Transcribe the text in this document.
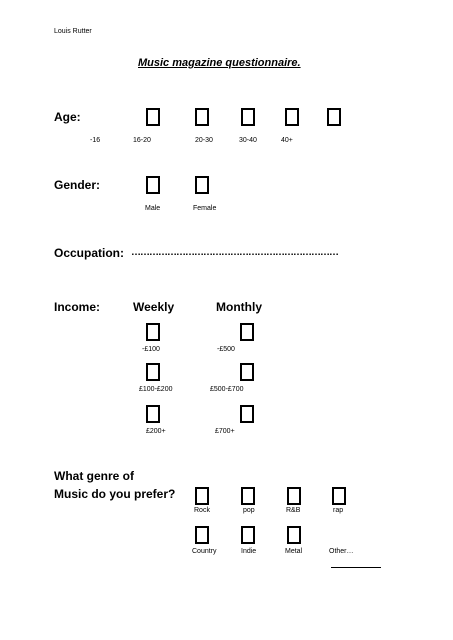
Louis Rutter
Music magazine questionnaire.
Age:
-16	16-20	20-30	30-40	40+
Gender:
Male	Female
Occupation: ……………………………………………………………
Income:	Weekly	Monthly
-£100	-£500
£100-£200	£500-£700
£200+	£700+
What genre of
Music do you prefer?
Rock	pop	R&B	rap
Country	Indie	Metal	Other…
